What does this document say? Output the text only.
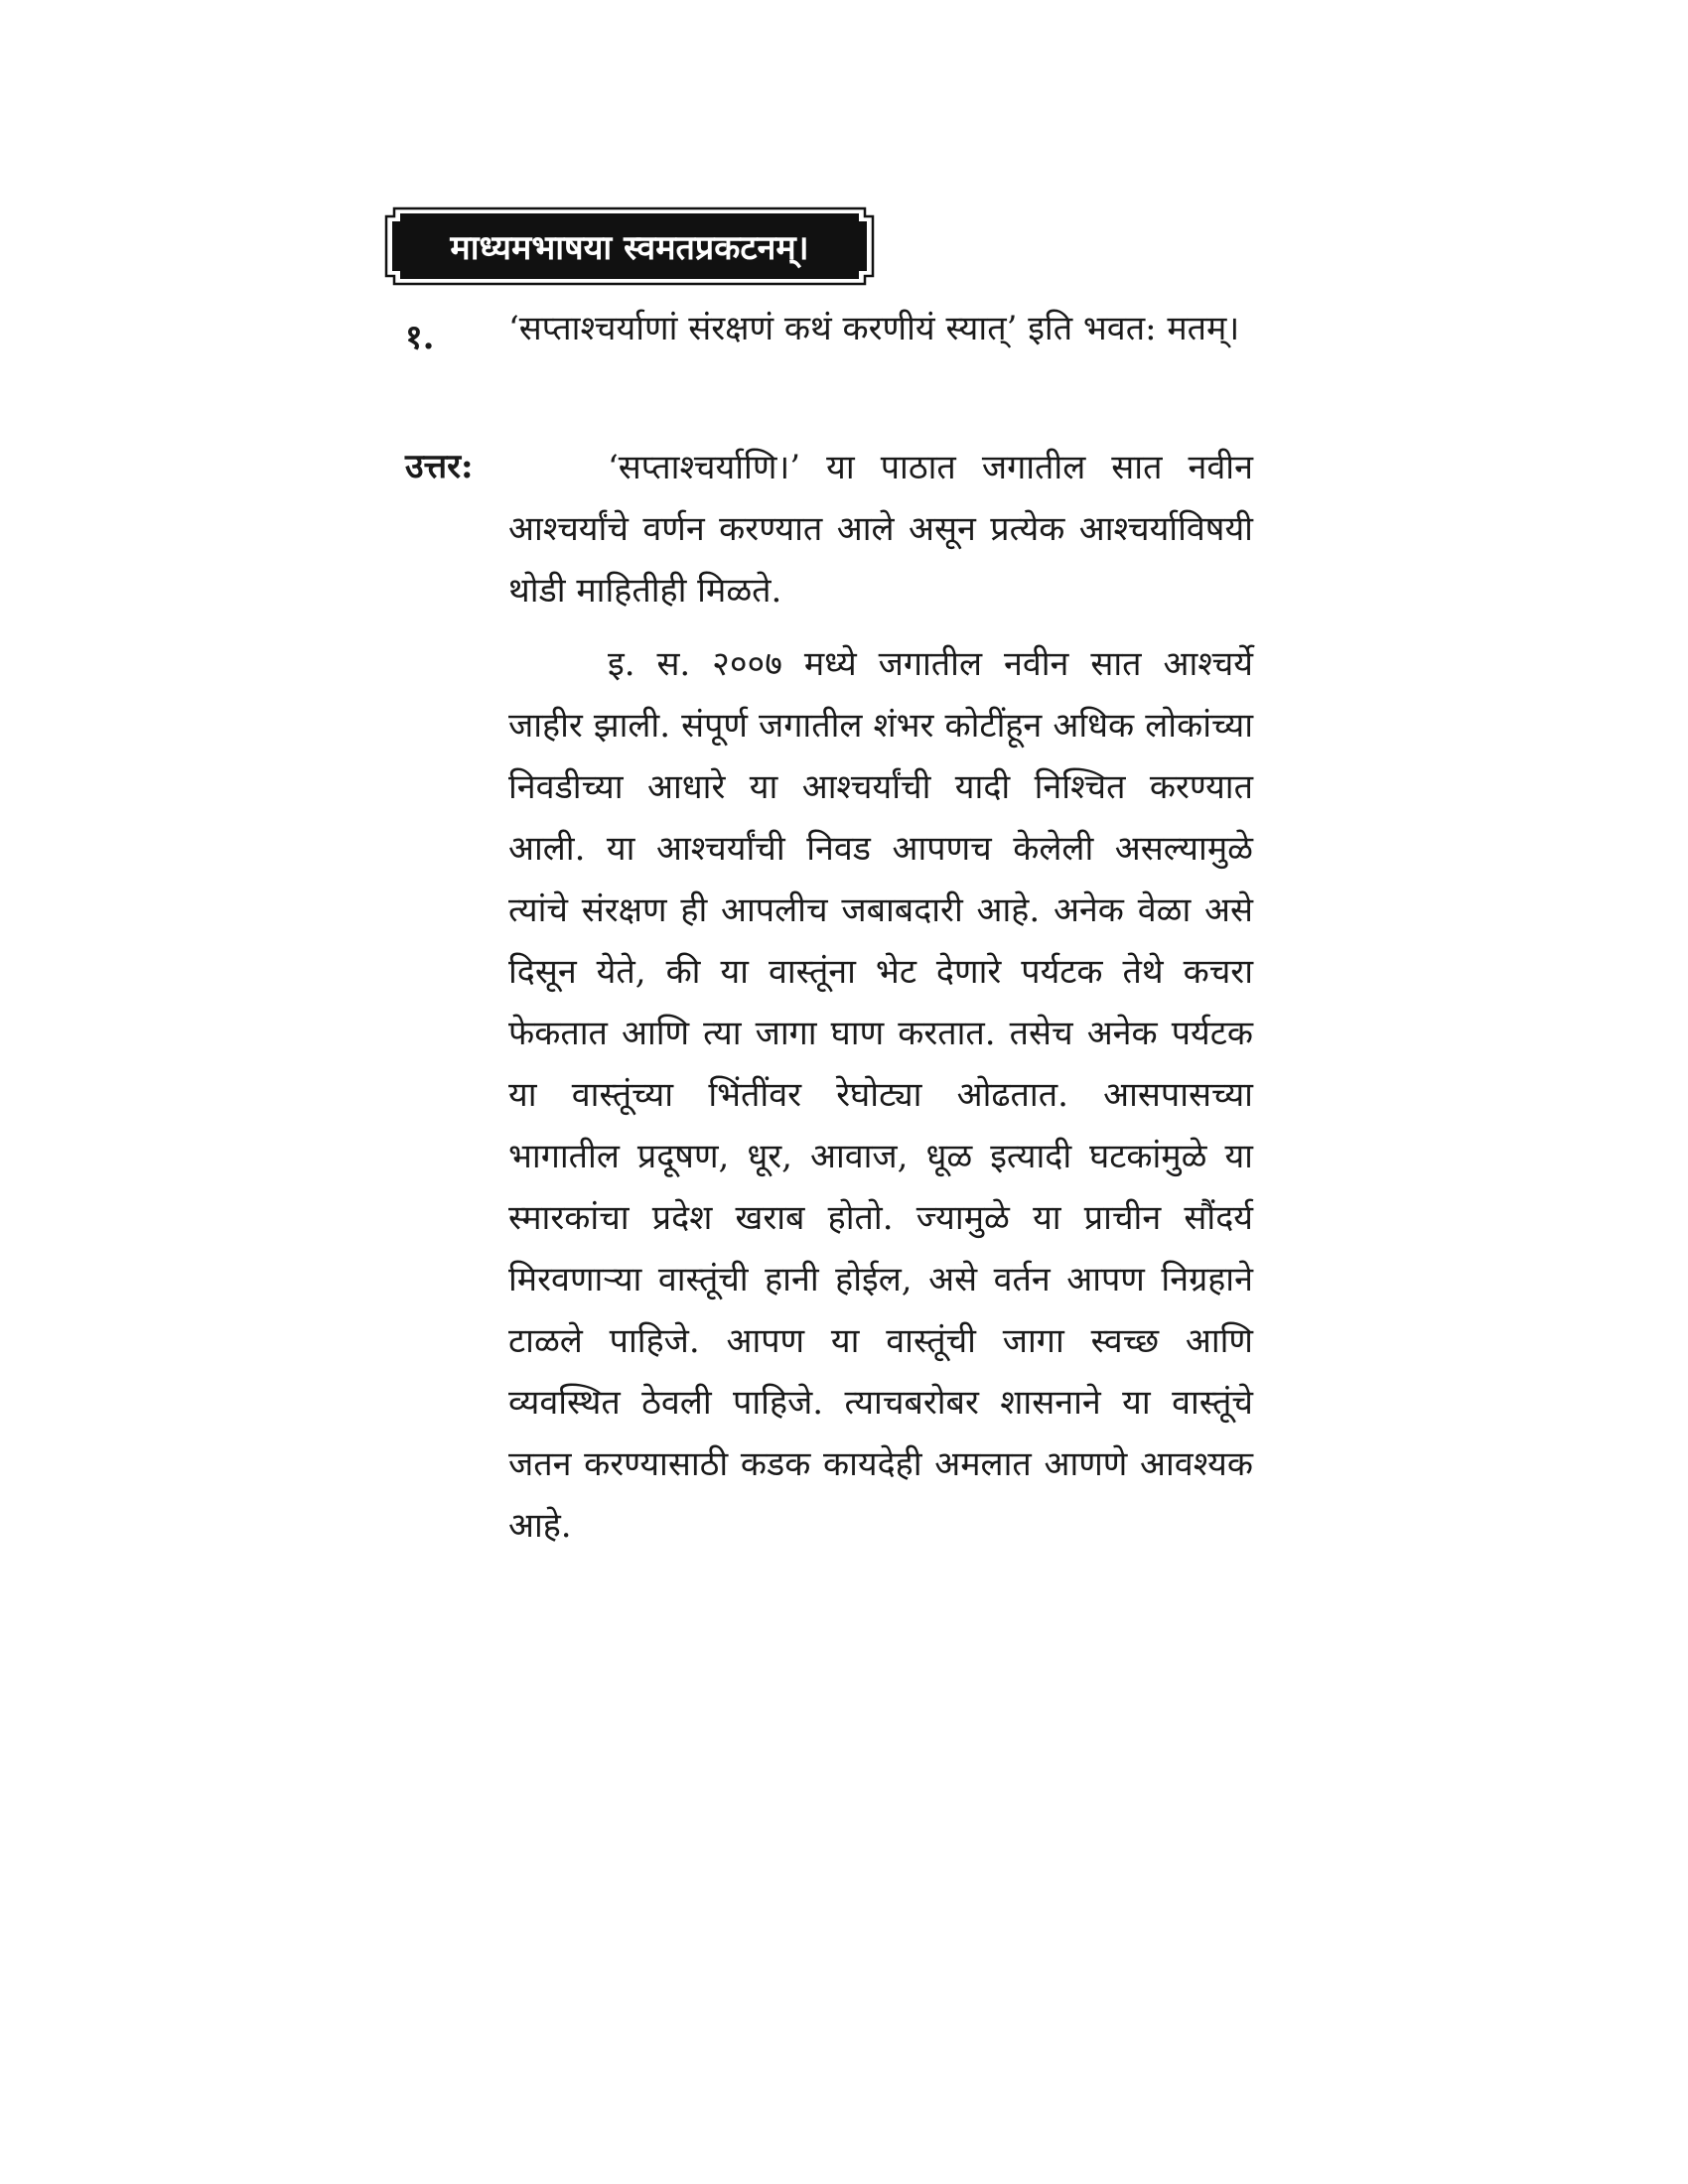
माध्यमभाषया स्वमतप्रकटनम्।
१. ‘सप्ताश्चर्याणां संरक्षणं कथं करणीयं स्यात्’ इति भवत: मतम्।
उत्तर:	‘सप्ताश्चर्याणि।’ या पाठात जगातील सात नवीन आश्चर्यांचे वर्णन करण्यात आले असून प्रत्येक आश्चर्याविषयी थोडी माहितीही मिळते.

इ. स. २००७ मध्ये जगातील नवीन सात आश्चर्ये जाहीर झाली. संपूर्ण जगातील शंभर कोटींहून अधिक लोकांच्या निवडीच्या आधारे या आश्चर्यांची यादी निश्चित करण्यात आली. या आश्चर्यांची निवड आपणच केलेली असल्यामुळे त्यांचे संरक्षण ही आपलीच जबाबदारी आहे. अनेक वेळा असे दिसून येते, की या वास्तूंना भेट देणारे पर्यटक तेथे कचरा फेकतात आणि त्या जागा घाण करतात. तसेच अनेक पर्यटक या वास्तूंच्या भिंतींवर रेघोट्या ओढतात. आसपासच्या भागातील प्रदूषण, धूर, आवाज, धूळ इत्यादी घटकांमुळे या स्मारकांचा प्रदेश खराब होतो. ज्यामुळे या प्राचीन सौंदर्य मिरवणाऱ्या वास्तूंची हानी होईल, असे वर्तन आपण निग्रहाने टाळले पाहिजे. आपण या वास्तूंची जागा स्वच्छ आणि व्यवस्थित ठेवली पाहिजे. त्याचबरोबर शासनाने या वास्तूंचे जतन करण्यासाठी कडक कायदेही अमलात आणणे आवश्यक आहे.
